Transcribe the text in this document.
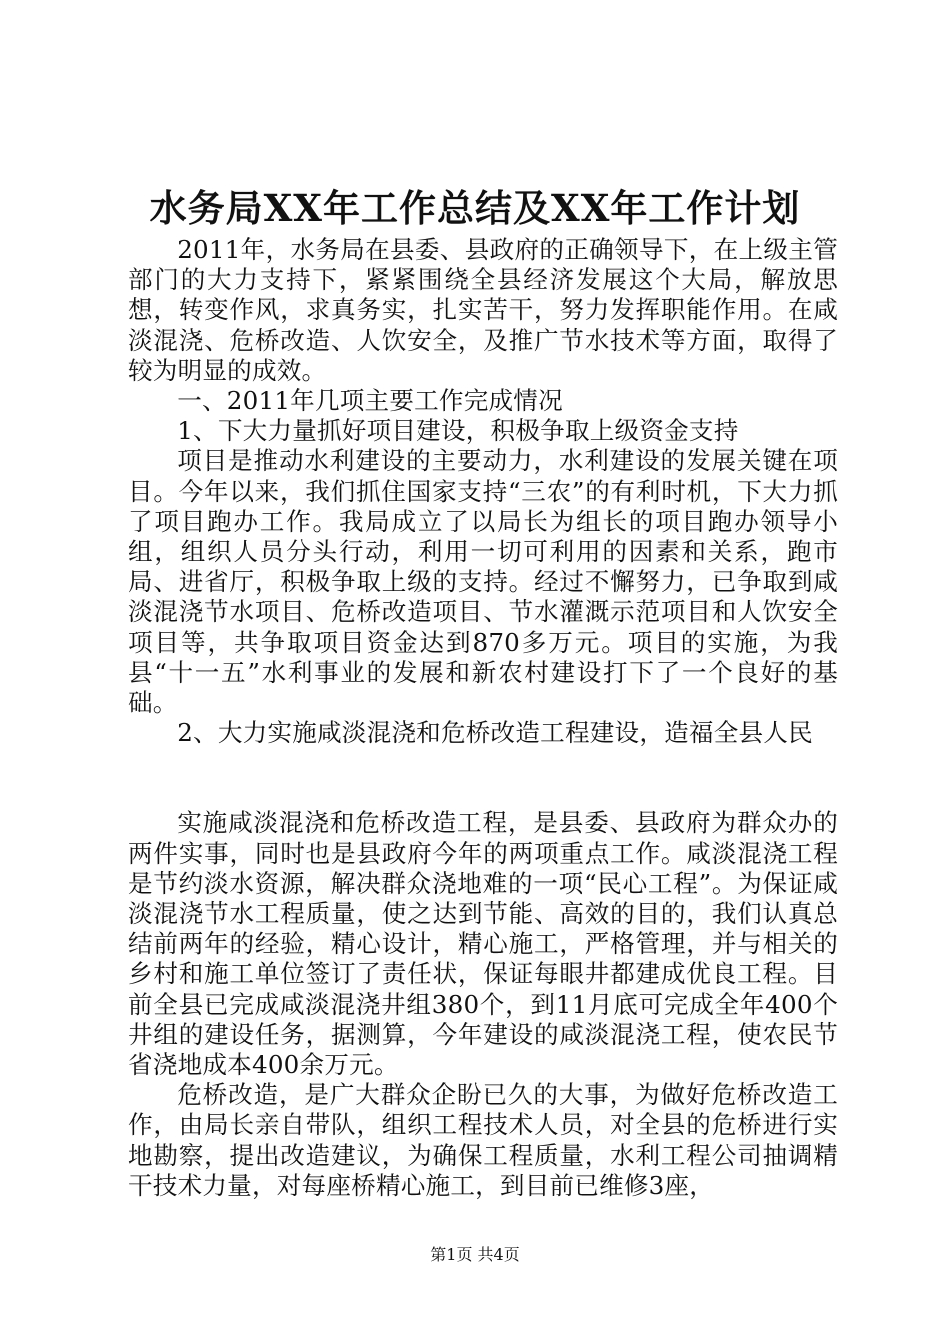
水务局XX年工作总结及XX年工作计划

2011年，水务局在县委、县政府的正确领导下，在上级主管部门的大力支持下，紧紧围绕全县经济发展这个大局，解放思想，转变作风，求真务实，扎实苦干，努力发挥职能作用。在咸淡混浇、危桥改造、人饮安全，及推广节水技术等方面，取得了较为明显的成效。

一、2011年几项主要工作完成情况

1、下大力量抓好项目建设，积极争取上级资金支持

项目是推动水利建设的主要动力，水利建设的发展关键在项目。今年以来，我们抓住国家支持“三农”的有利时机，下大力抓了项目跑办工作。我局成立了以局长为组长的项目跑办领导小组，组织人员分头行动，利用一切可利用的因素和关系，跑市局、进省厅，积极争取上级的支持。经过不懈努力，已争取到咸淡混浇节水项目、危桥改造项目、节水灌溉示范项目和人饮安全项目等，共争取项目资金达到870多万元。项目的实施，为我县“十一五”水利事业的发展和新农村建设打下了一个良好的基础。

2、大力实施咸淡混浇和危桥改造工程建设，造福全县人民

实施咸淡混浇和危桥改造工程，是县委、县政府为群众办的两件实事，同时也是县政府今年的两项重点工作。咸淡混浇工程是节约淡水资源，解决群众浇地难的一项“民心工程”。为保证咸淡混浇节水工程质量，使之达到节能、高效的目的，我们认真总结前两年的经验，精心设计，精心施工，严格管理，并与相关的乡村和施工单位签订了责任状，保证每眼井都建成优良工程。目前全县已完成咸淡混浇井组380个，到11月底可完成全年400个井组的建设任务，据测算，今年建设的咸淡混浇工程，使农民节省浇地成本400余万元。

危桥改造，是广大群众企盼已久的大事，为做好危桥改造工作，由局长亲自带队，组织工程技术人员，对全县的危桥进行实地勘察，提出改造建议，为确保工程质量，水利工程公司抽调精干技术力量，对每座桥精心施工，到目前已维修3座，

第1页 共4页
